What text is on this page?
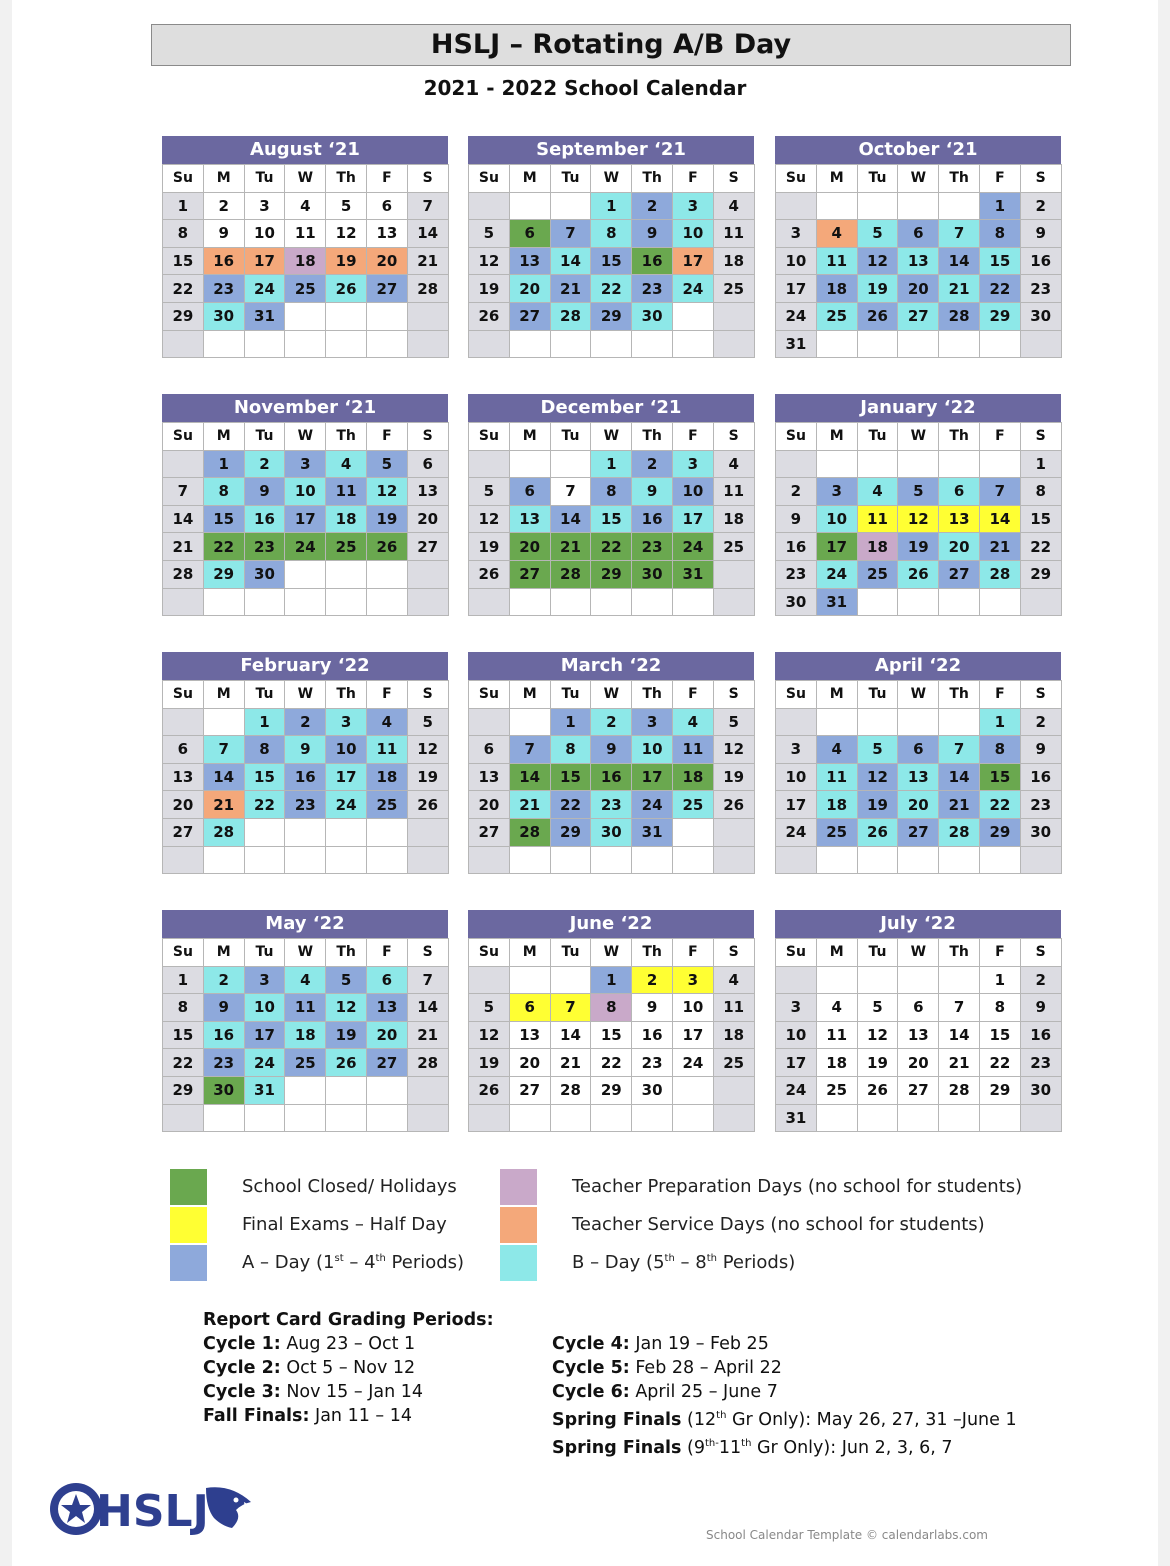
HSLJ – Rotating A/B Day
2021 - 2022 School Calendar
August ‘21
Su	M	Tu	W	Th	F	S
1	2	3	4	5	6	7
8	9	10	11	12	13	14
15	16	17	18	19	20	21
22	23	24	25	26	27	28
29	30	31				

September ‘21
Su	M	Tu	W	Th	F	S
			1	2	3	4
5	6	7	8	9	10	11
12	13	14	15	16	17	18
19	20	21	22	23	24	25
26	27	28	29	30		

October ‘21
Su	M	Tu	W	Th	F	S
					1	2
3	4	5	6	7	8	9
10	11	12	13	14	15	16
17	18	19	20	21	22	23
24	25	26	27	28	29	30
31						
November ‘21
Su	M	Tu	W	Th	F	S
	1	2	3	4	5	6
7	8	9	10	11	12	13
14	15	16	17	18	19	20
21	22	23	24	25	26	27
28	29	30				

December ‘21
Su	M	Tu	W	Th	F	S
			1	2	3	4
5	6	7	8	9	10	11
12	13	14	15	16	17	18
19	20	21	22	23	24	25
26	27	28	29	30	31	

January ‘22
Su	M	Tu	W	Th	F	S
						1
2	3	4	5	6	7	8
9	10	11	12	13	14	15
16	17	18	19	20	21	22
23	24	25	26	27	28	29
30	31					
February ‘22
Su	M	Tu	W	Th	F	S
		1	2	3	4	5
6	7	8	9	10	11	12
13	14	15	16	17	18	19
20	21	22	23	24	25	26
27	28					

March ‘22
Su	M	Tu	W	Th	F	S
		1	2	3	4	5
6	7	8	9	10	11	12
13	14	15	16	17	18	19
20	21	22	23	24	25	26
27	28	29	30	31		

April ‘22
Su	M	Tu	W	Th	F	S
					1	2
3	4	5	6	7	8	9
10	11	12	13	14	15	16
17	18	19	20	21	22	23
24	25	26	27	28	29	30

May ‘22
Su	M	Tu	W	Th	F	S
1	2	3	4	5	6	7
8	9	10	11	12	13	14
15	16	17	18	19	20	21
22	23	24	25	26	27	28
29	30	31				

June ‘22
Su	M	Tu	W	Th	F	S
			1	2	3	4
5	6	7	8	9	10	11
12	13	14	15	16	17	18
19	20	21	22	23	24	25
26	27	28	29	30		

July ‘22
Su	M	Tu	W	Th	F	S
					1	2
3	4	5	6	7	8	9
10	11	12	13	14	15	16
17	18	19	20	21	22	23
24	25	26	27	28	29	30
31						
School Closed/ Holidays
Final Exams – Half Day
A – Day (1st – 4th Periods)
Teacher Preparation Days (no school for students)
Teacher Service Days (no school for students)
B – Day (5th – 8th Periods)
Report Card Grading Periods:
Cycle 1: Aug 23 – Oct 1
Cycle 2: Oct 5 – Nov 12
Cycle 3: Nov 15 – Jan 14
Fall Finals: Jan 11 – 14
Cycle 4: Jan 19 – Feb 25
Cycle 5: Feb 28 – April 22
Cycle 6: April 25 – June 7
Spring Finals (12th Gr Only): May 26, 27, 31 –June 1
Spring Finals ($9^{th-}11th$ Gr Only): Jun 2, 3, 6, 7
HSLJ	School Calendar Template © calendarlabs.com
